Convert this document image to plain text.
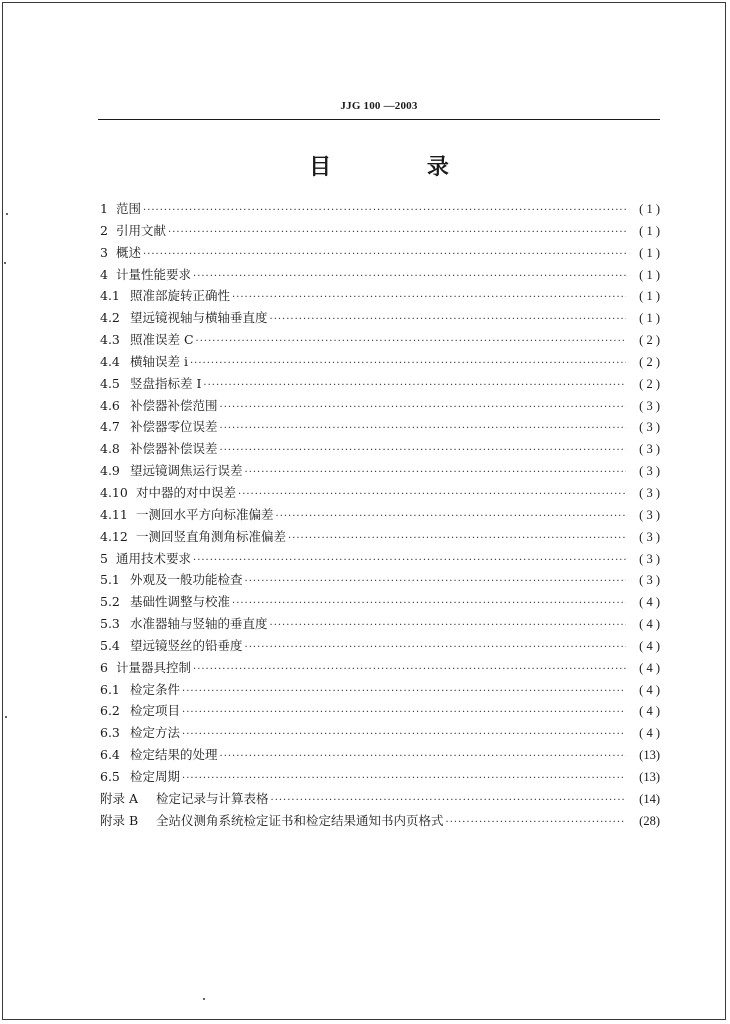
JJG 100 —2003
目 录
1 范围 ·····	( 1 )
2 引用文献 ·····	( 1 )
3 概述 ·····	( 1 )
4 计量性能要求 ·····	( 1 )
4.1 照准部旋转正确性 ·····	( 1 )
4.2 望远镜视轴与横轴垂直度 ·····	( 1 )
4.3 照准误差 C ·····	( 2 )
4.4 横轴误差 i ·····	( 2 )
4.5 竖盘指标差 I ·····	( 2 )
4.6 补偿器补偿范围 ·····	( 3 )
4.7 补偿器零位误差 ·····	( 3 )
4.8 补偿器补偿误差 ·····	( 3 )
4.9 望远镜调焦运行误差 ·····	( 3 )
4.10 对中器的对中误差 ·····	( 3 )
4.11 一测回水平方向标准偏差 ·····	( 3 )
4.12 一测回竖直角测角标准偏差 ·····	( 3 )
5 通用技术要求 ·····	( 3 )
5.1 外观及一般功能检查 ·····	( 3 )
5.2 基础性调整与校准 ·····	( 4 )
5.3 水准器轴与竖轴的垂直度 ·····	( 4 )
5.4 望远镜竖丝的铅垂度 ·····	( 4 )
6 计量器具控制 ·····	( 4 )
6.1 检定条件 ·····	( 4 )
6.2 检定项目 ·····	( 4 )
6.3 检定方法 ·····	( 4 )
6.4 检定结果的处理 ·····	(13)
6.5 检定周期 ·····	(13)
附录 A	检定记录与计算表格 ·····	(14)
附录 B	全站仪测角系统检定证书和检定结果通知书内页格式 ·····	(28)
